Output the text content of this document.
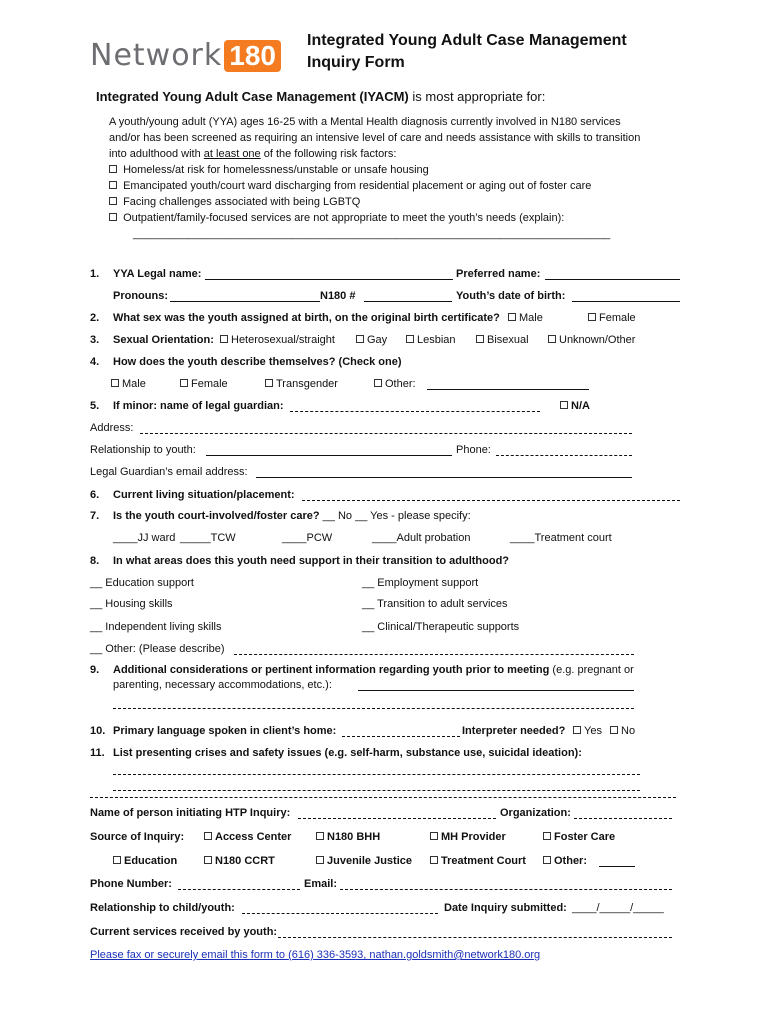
Network 180	Integrated Young Adult Case Management
Inquiry Form
Integrated Young Adult Case Management (IYACM) is most appropriate for:
A youth/young adult (YYA) ages 16-25 with a Mental Health diagnosis currently involved in N180 services
and/or has been screened as requiring an intensive level of care and needs assistance with skills to transition
into adulthood with at least one of the following risk factors:
Homeless/at risk for homelessness/unstable or unsafe housing
Emancipated youth/court ward discharging from residential placement or aging out of foster care
Facing challenges associated with being LGBTQ
Outpatient/family-focused services are not appropriate to meet the youth’s needs (explain):
______________________________________________________________________________
1. YYA Legal name:	Preferred name:
Pronouns:	N180 #	Youth’s date of birth:
2. What sex was the youth assigned at birth, on the original birth certificate?	Male	Female
3. Sexual Orientation:	Heterosexual/straight	Gay	Lesbian	Bisexual	Unknown/Other
4. How does the youth describe themselves? (Check one)
Male	Female	Transgender	Other:
5. If minor: name of legal guardian:	N/A
Address:
Relationship to youth:	Phone:
Legal Guardian’s email address:
6. Current living situation/placement:
7. Is the youth court-involved/foster care? __ No __ Yes - please specify:
____JJ ward _____TCW	____PCW	____Adult probation	____Treatment court
8. In what areas does this youth need support in their transition to adulthood?
__ Education support	__ Employment support
__ Housing skills	__ Transition to adult services
__ Independent living skills	__ Clinical/Therapeutic supports
__ Other: (Please describe)
9. Additional considerations or pertinent information regarding youth prior to meeting (e.g. pregnant or
parenting, necessary accommodations, etc.):
10. Primary language spoken in client’s home:	Interpreter needed?	Yes	No
11. List presenting crises and safety issues (e.g. self-harm, substance use, suicidal ideation):
Name of person initiating HTP Inquiry:	Organization:
Source of Inquiry:	Access Center	N180 BHH	MH Provider	Foster Care
Education	N180 CCRT	Juvenile Justice	Treatment Court	Other:
Phone Number:	Email:
Relationship to child/youth:	Date Inquiry submitted: ____/_____/_____
Current services received by youth:
Please fax or securely email this form to (616) 336-3593, nathan.goldsmith@network180.org
